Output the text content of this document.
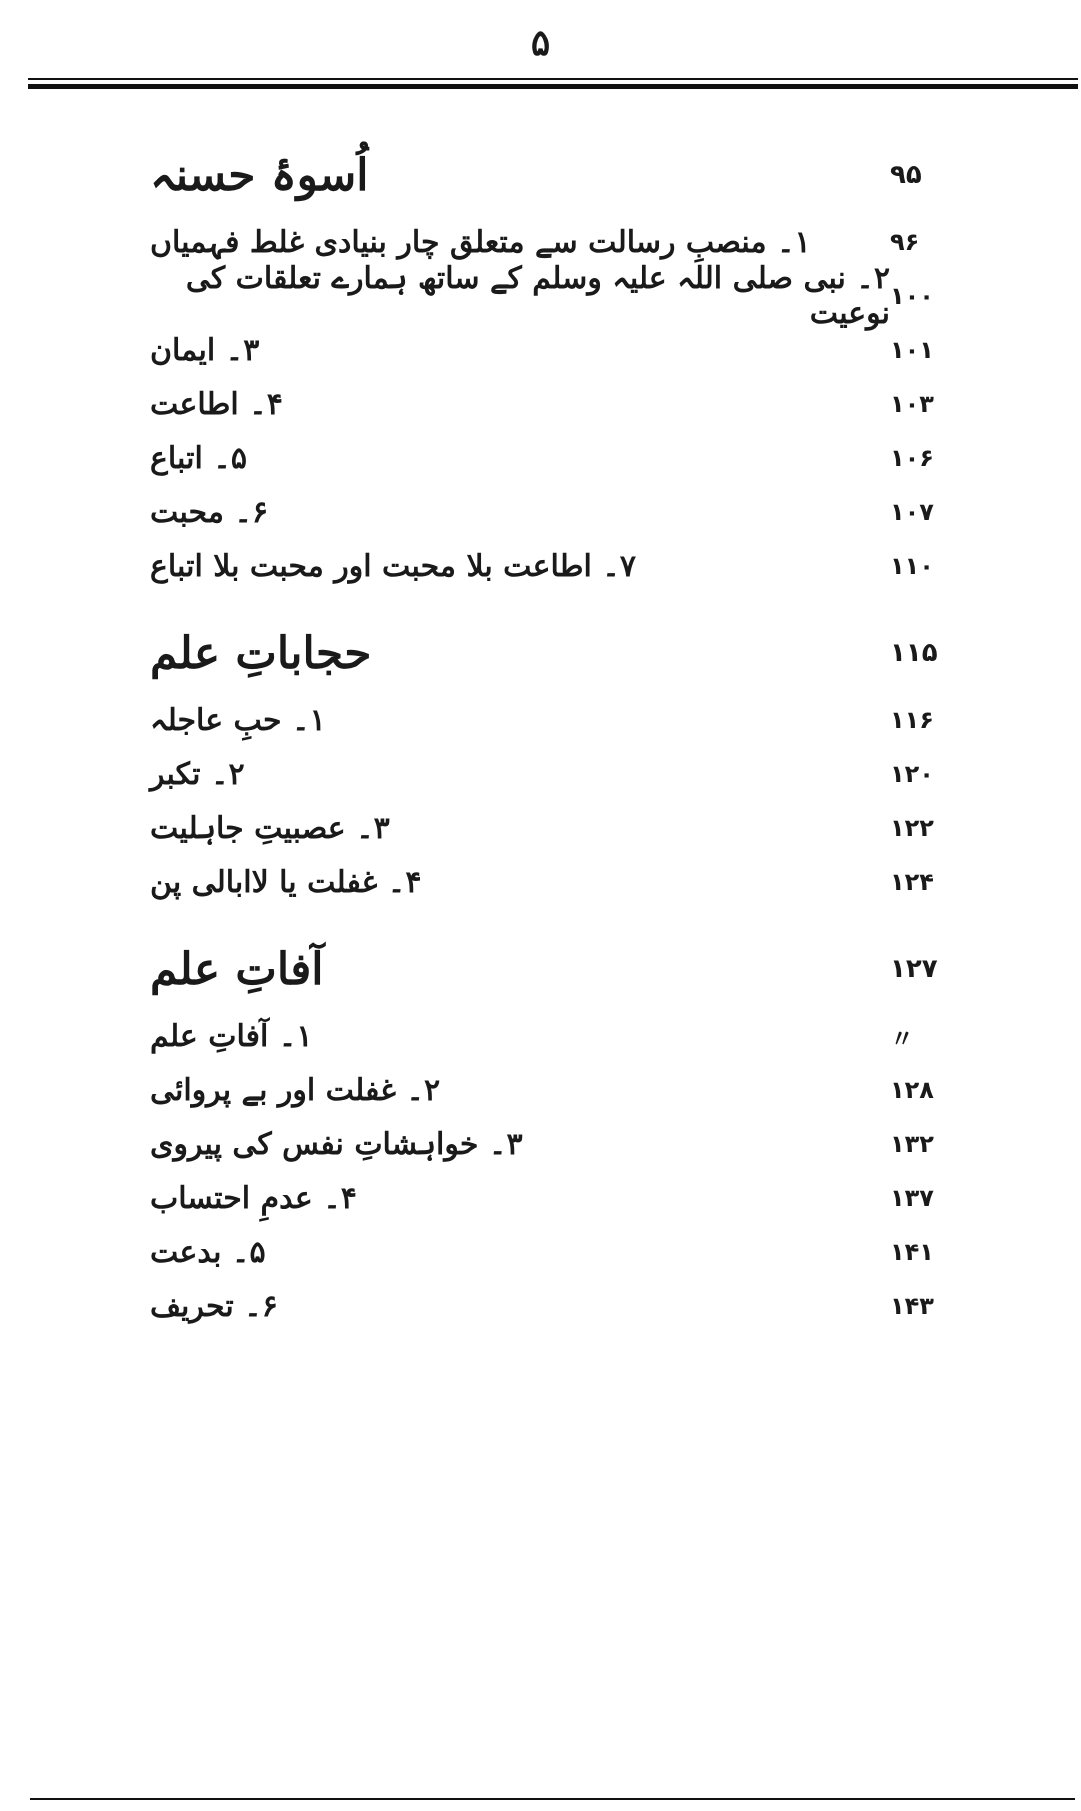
۵
اُسوۂ حسنہ	۹۵
۱۔ منصبِ رسالت سے متعلق چار بنیادی غلط فہمیاں	۹۶
۲۔ نبی صلی اللہ علیہ وسلم کے ساتھ ہمارے تعلقات کی نوعیت ۱۰۰
۳۔ ایمان	۱۰۱
۴۔ اطاعت	۱۰۳
۵۔ اتباع	۱۰۶
۶۔ محبت	۱۰۷
۷۔ اطاعت بلا محبت اور محبت بلا اتباع	۱۱۰
حجاباتِ علم	۱۱۵
۱۔ حبِ عاجلہ	۱۱۶
۲۔ تکبر	۱۲۰
۳۔ عصبیتِ جاہلیت	۱۲۲
۴۔ غفلت یا لاابالی پن	۱۲۴
آفاتِ علم	۱۲۷
۱۔ آفاتِ علم	〃
۲۔ غفلت اور بے پروائی	۱۲۸
۳۔ خواہشاتِ نفس کی پیروی	۱۳۲
۴۔ عدمِ احتساب	۱۳۷
۵۔ بدعت	۱۴۱
۶۔ تحریف	۱۴۳
